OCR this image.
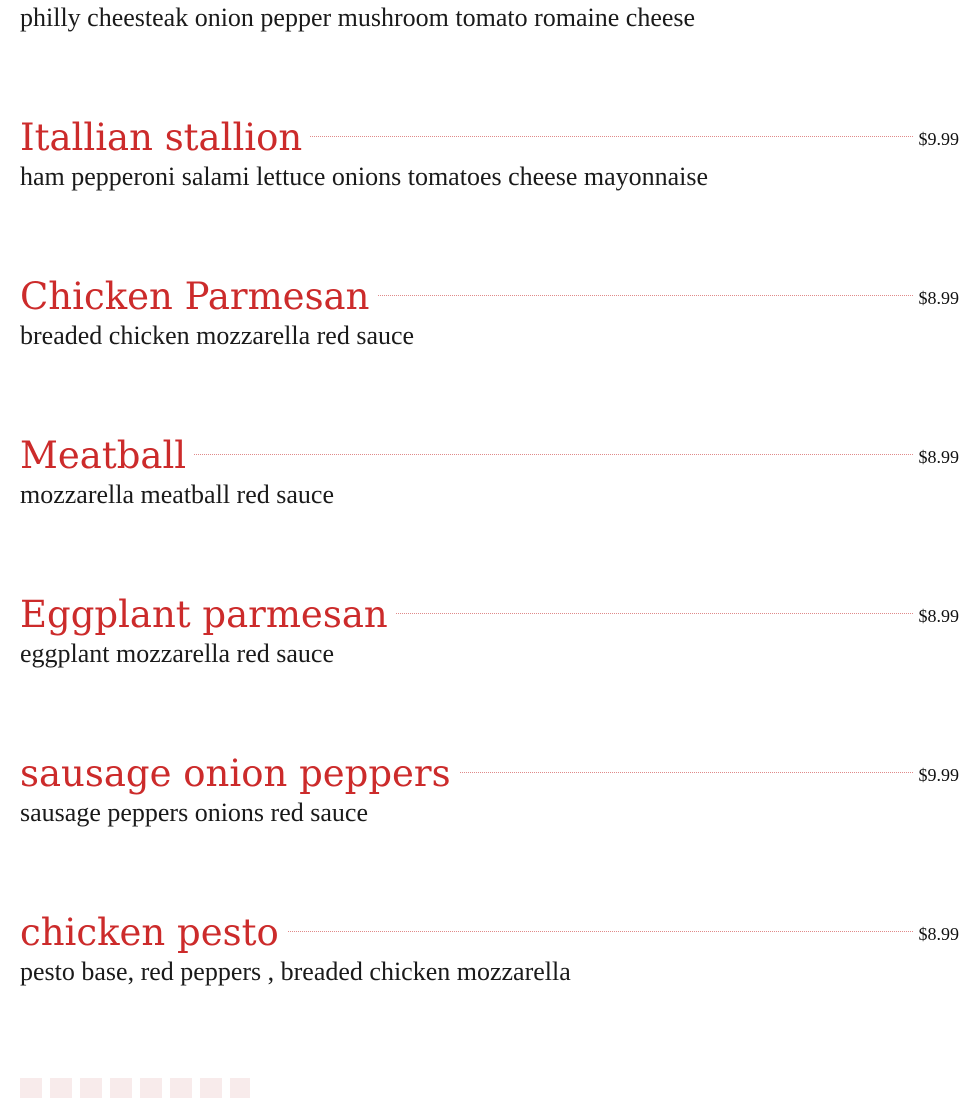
philly cheesteak onion pepper mushroom tomato romaine cheese

Itallian stallion	$9.99

ham pepperoni salami lettuce onions tomatoes cheese mayonnaise

Chicken Parmesan	$8.99

breaded chicken mozzarella red sauce

Meatball	$8.99

mozzarella meatball red sauce

Eggplant parmesan	$8.99

eggplant mozzarella red sauce

sausage onion peppers	$9.99

sausage peppers onions red sauce

chicken pesto	$8.99

pesto base, red peppers , breaded chicken mozzarella
